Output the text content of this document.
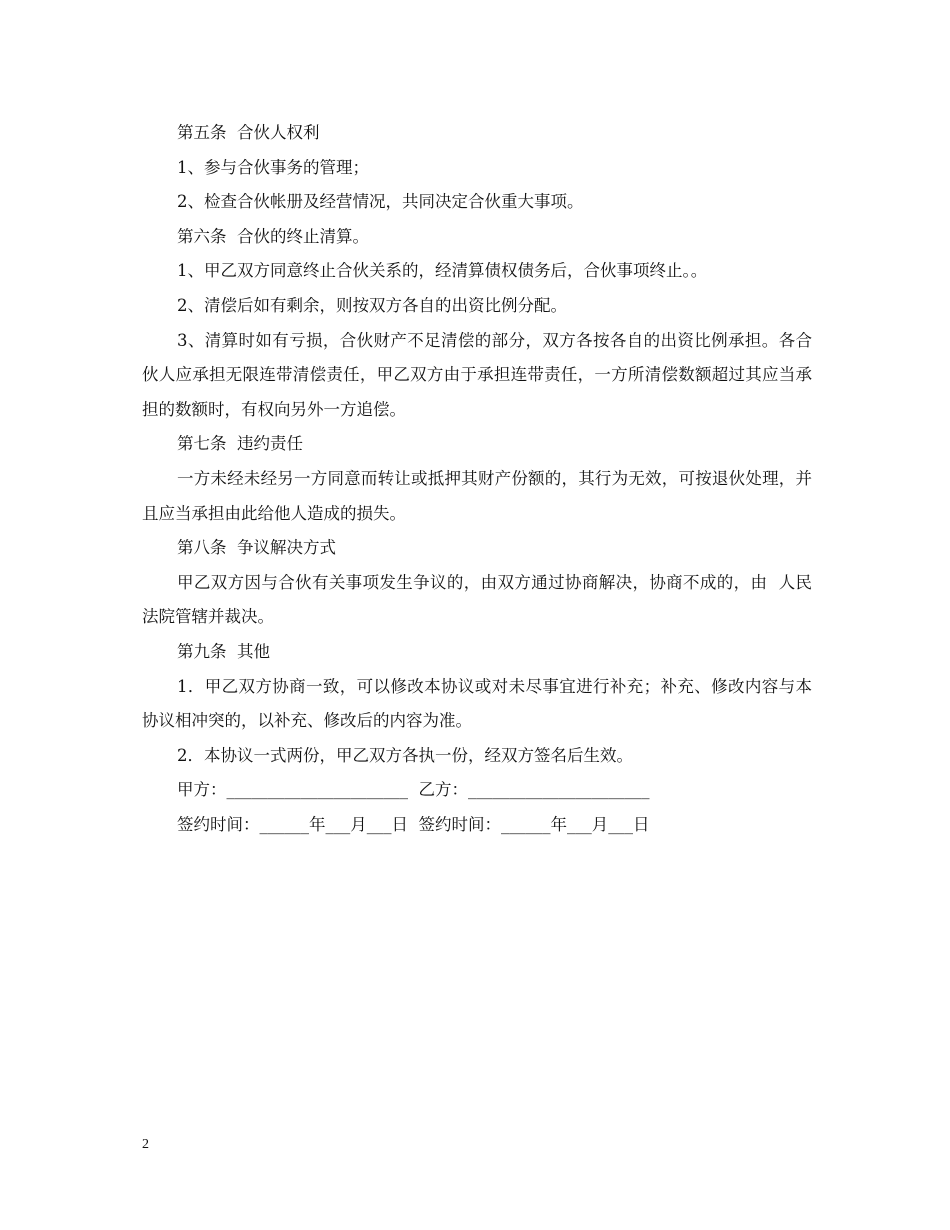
第五条  合伙人权利

1、参与合伙事务的管理；

2、检查合伙帐册及经营情况，共同决定合伙重大事项。

第六条  合伙的终止清算。

1、甲乙双方同意终止合伙关系的，经清算债权债务后，合伙事项终止。。

2、清偿后如有剩余，则按双方各自的出资比例分配。

3、清算时如有亏损，合伙财产不足清偿的部分，双方各按各自的出资比例承担。各合伙人应承担无限连带清偿责任，甲乙双方由于承担连带责任，一方所清偿数额超过其应当承担的数额时，有权向另外一方追偿。

第七条  违约责任

一方未经未经另一方同意而转让或抵押其财产份额的，其行为无效，可按退伙处理，并且应当承担由此给他人造成的损失。

第八条  争议解决方式

甲乙双方因与合伙有关事项发生争议的，由双方通过协商解决，协商不成的，由  人民法院管辖并裁决。

第九条  其他

1．甲乙双方协商一致，可以修改本协议或对未尽事宜进行补充；补充、修改内容与本协议相冲突的，以补充、修改后的内容为准。

2．本协议一式两份，甲乙双方各执一份，经双方签名后生效。

甲方：______________________  乙方：______________________

签约时间：______年___月___日  签约时间：______年___月___日

2
